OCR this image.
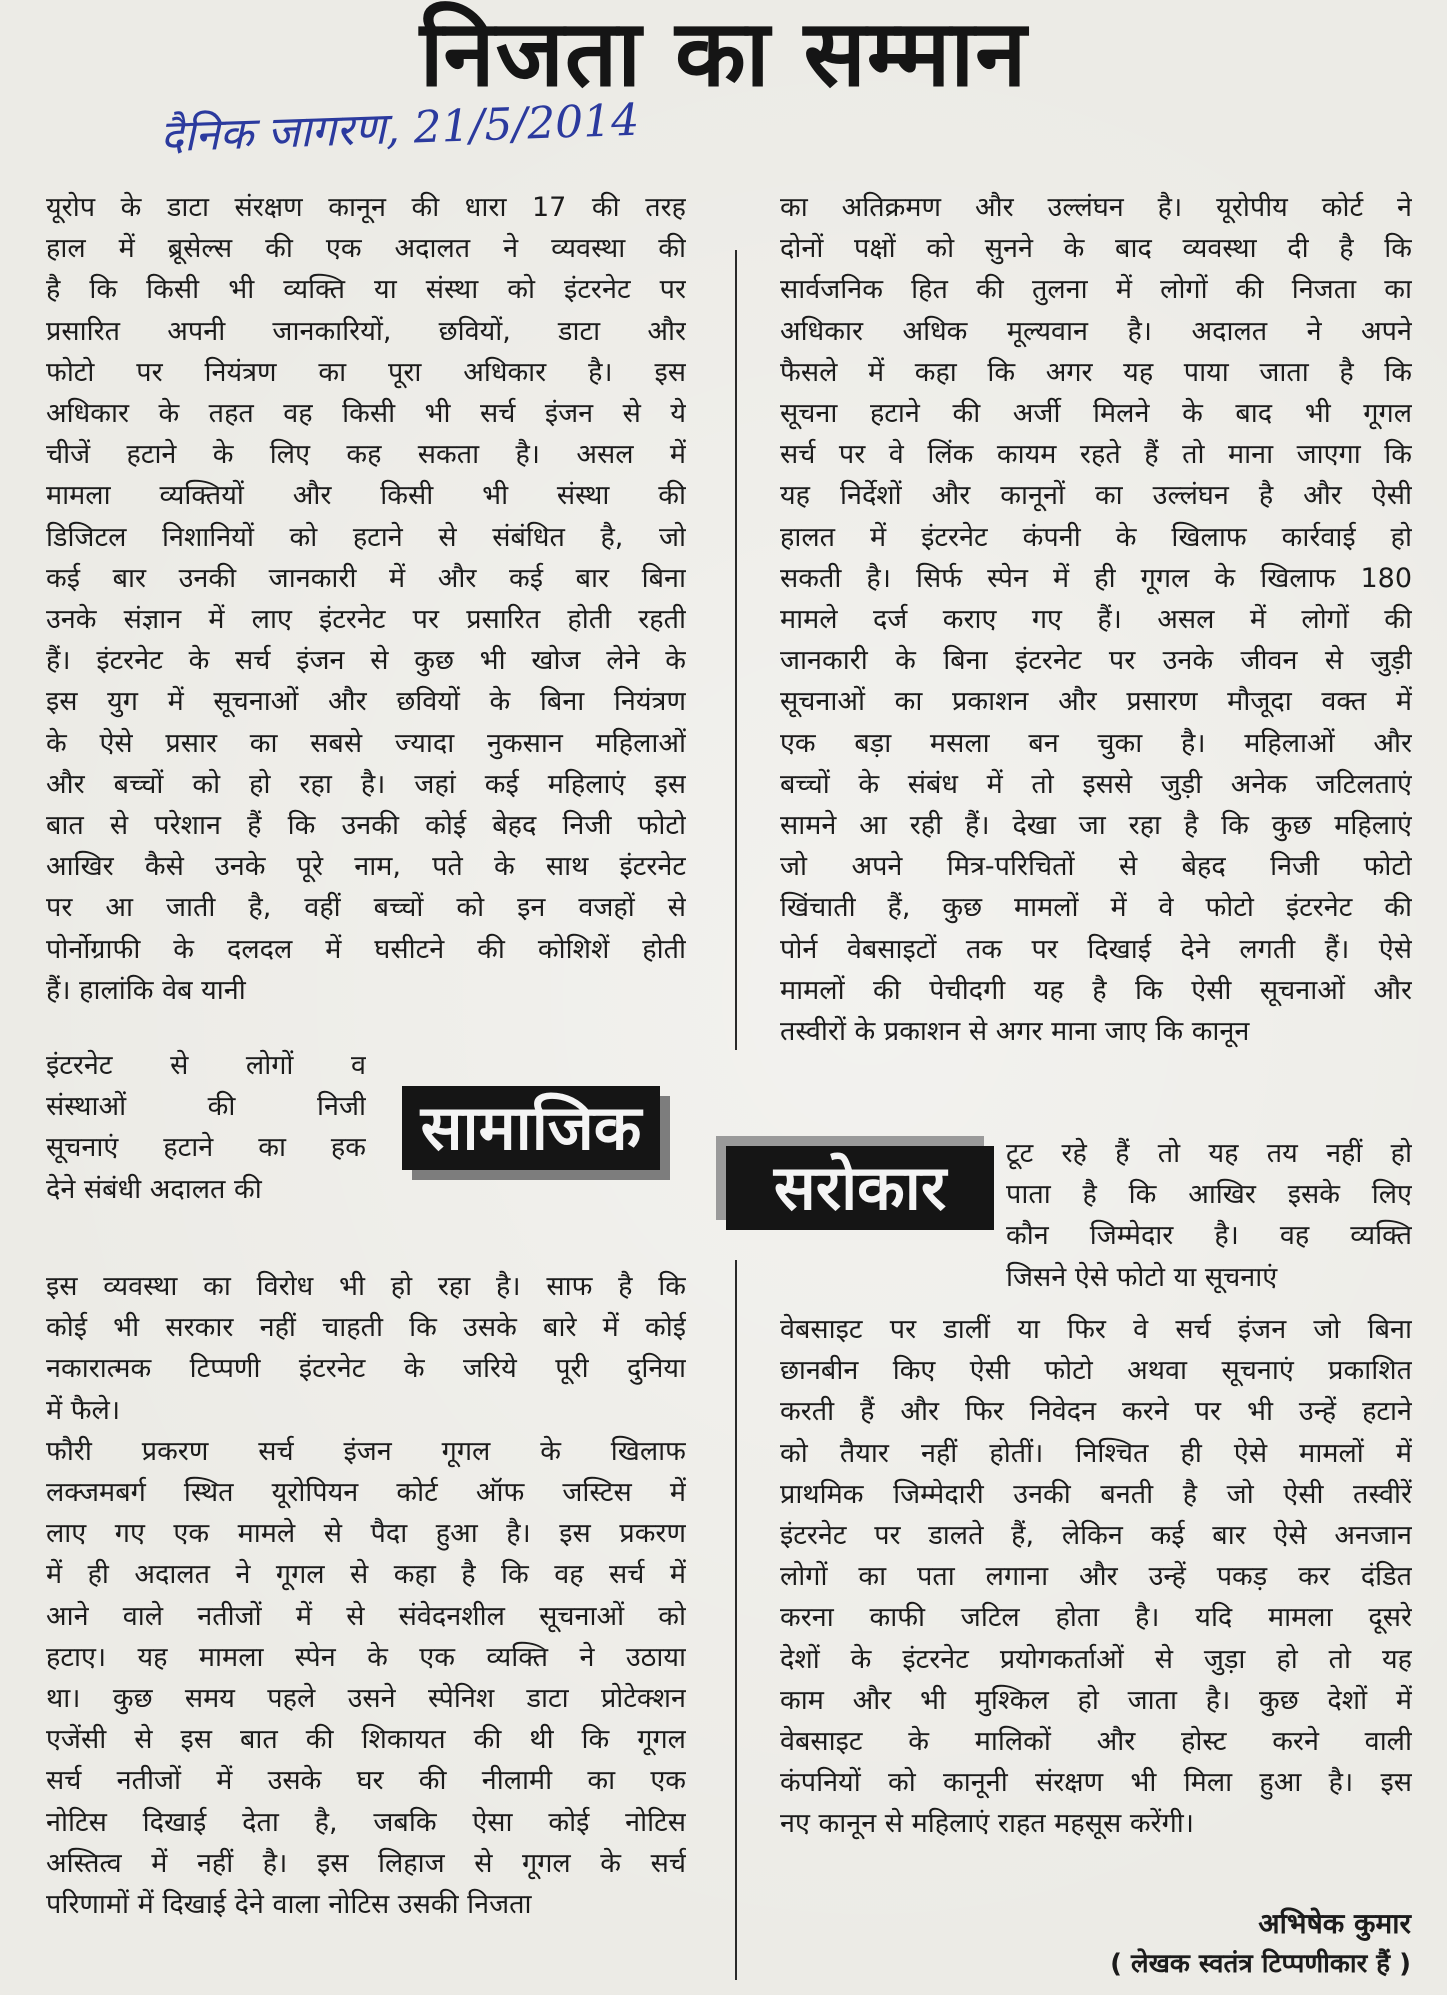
निजता का सम्मान
दैनिक जागरण, 21/5/2014

यूरोप के डाटा संरक्षण कानून की धारा 17 की तरह

हाल में ब्रूसेल्स की एक अदालत ने व्यवस्था की

है कि किसी भी व्यक्ति या संस्था को इंटरनेट पर

प्रसारित अपनी जानकारियों, छवियों, डाटा और

फोटो पर नियंत्रण का पूरा अधिकार है। इस

अधिकार के तहत वह किसी भी सर्च इंजन से ये

चीजें हटाने के लिए कह सकता है। असल में

मामला व्यक्तियों और किसी भी संस्था की

डिजिटल निशानियों को हटाने से संबंधित है, जो

कई बार उनकी जानकारी में और कई बार बिना

उनके संज्ञान में लाए इंटरनेट पर प्रसारित होती रहती

हैं। इंटरनेट के सर्च इंजन से कुछ भी खोज लेने के

इस युग में सूचनाओं और छवियों के बिना नियंत्रण

के ऐसे प्रसार का सबसे ज्यादा नुकसान महिलाओं

और बच्चों को हो रहा है। जहां कई महिलाएं इस

बात से परेशान हैं कि उनकी कोई बेहद निजी फोटो

आखिर कैसे उनके पूरे नाम, पते के साथ इंटरनेट

पर आ जाती है, वहीं बच्चों को इन वजहों से

पोर्नोग्राफी के दलदल में घसीटने की कोशिशें होती

हैं। हालांकि वेब यानी

इंटरनेट से लोगों व

संस्थाओं की निजी

सूचनाएं हटाने का हक

देने संबंधी अदालत की

इस व्यवस्था का विरोध भी हो रहा है। साफ है कि

कोई भी सरकार नहीं चाहती कि उसके बारे में कोई

नकारात्मक टिप्पणी इंटरनेट के जरिये पूरी दुनिया

में फैले।

फौरी प्रकरण सर्च इंजन गूगल के खिलाफ

लक्जमबर्ग स्थित यूरोपियन कोर्ट ऑफ जस्टिस में

लाए गए एक मामले से पैदा हुआ है। इस प्रकरण

में ही अदालत ने गूगल से कहा है कि वह सर्च में

आने वाले नतीजों में से संवेदनशील सूचनाओं को

हटाए। यह मामला स्पेन के एक व्यक्ति ने उठाया

था। कुछ समय पहले उसने स्पेनिश डाटा प्रोटेक्शन

एजेंसी से इस बात की शिकायत की थी कि गूगल

सर्च नतीजों में उसके घर की नीलामी का एक

नोटिस दिखाई देता है, जबकि ऐसा कोई नोटिस

अस्तित्व में नहीं है। इस लिहाज से गूगल के सर्च

परिणामों में दिखाई देने वाला नोटिस उसकी निजता

का अतिक्रमण और उल्लंघन है। यूरोपीय कोर्ट ने

दोनों पक्षों को सुनने के बाद व्यवस्था दी है कि

सार्वजनिक हित की तुलना में लोगों की निजता का

अधिकार अधिक मूल्यवान है। अदालत ने अपने

फैसले में कहा कि अगर यह पाया जाता है कि

सूचना हटाने की अर्जी मिलने के बाद भी गूगल

सर्च पर वे लिंक कायम रहते हैं तो माना जाएगा कि

यह निर्देशों और कानूनों का उल्लंघन है और ऐसी

हालत में इंटरनेट कंपनी के खिलाफ कार्रवाई हो

सकती है। सिर्फ स्पेन में ही गूगल के खिलाफ 180

मामले दर्ज कराए गए हैं। असल में लोगों की

जानकारी के बिना इंटरनेट पर उनके जीवन से जुड़ी

सूचनाओं का प्रकाशन और प्रसारण मौजूदा वक्त में

एक बड़ा मसला बन चुका है। महिलाओं और

बच्चों के संबंध में तो इससे जुड़ी अनेक जटिलताएं

सामने आ रही हैं। देखा जा रहा है कि कुछ महिलाएं

जो अपने मित्र-परिचितों से बेहद निजी फोटो

खिंचाती हैं, कुछ मामलों में वे फोटो इंटरनेट की

पोर्न वेबसाइटों तक पर दिखाई देने लगती हैं। ऐसे

मामलों की पेचीदगी यह है कि ऐसी सूचनाओं और

तस्वीरों के प्रकाशन से अगर माना जाए कि कानून

टूट रहे हैं तो यह तय नहीं हो

पाता है कि आखिर इसके लिए

कौन जिम्मेदार है। वह व्यक्ति

जिसने ऐसे फोटो या सूचनाएं

वेबसाइट पर डालीं या फिर वे सर्च इंजन जो बिना

छानबीन किए ऐसी फोटो अथवा सूचनाएं प्रकाशित

करती हैं और फिर निवेदन करने पर भी उन्हें हटाने

को तैयार नहीं होतीं। निश्चित ही ऐसे मामलों में

प्राथमिक जिम्मेदारी उनकी बनती है जो ऐसी तस्वीरें

इंटरनेट पर डालते हैं, लेकिन कई बार ऐसे अनजान

लोगों का पता लगाना और उन्हें पकड़ कर दंडित

करना काफी जटिल होता है। यदि मामला दूसरे

देशों के इंटरनेट प्रयोगकर्ताओं से जुड़ा हो तो यह

काम और भी मुश्किल हो जाता है। कुछ देशों में

वेबसाइट के मालिकों और होस्ट करने वाली

कंपनियों को कानूनी संरक्षण भी मिला हुआ है। इस

नए कानून से महिलाएं राहत महसूस करेंगी।

सामाजिक
सरोकार
अभिषेक कुमार
( लेखक स्वतंत्र टिप्पणीकार हैं )
